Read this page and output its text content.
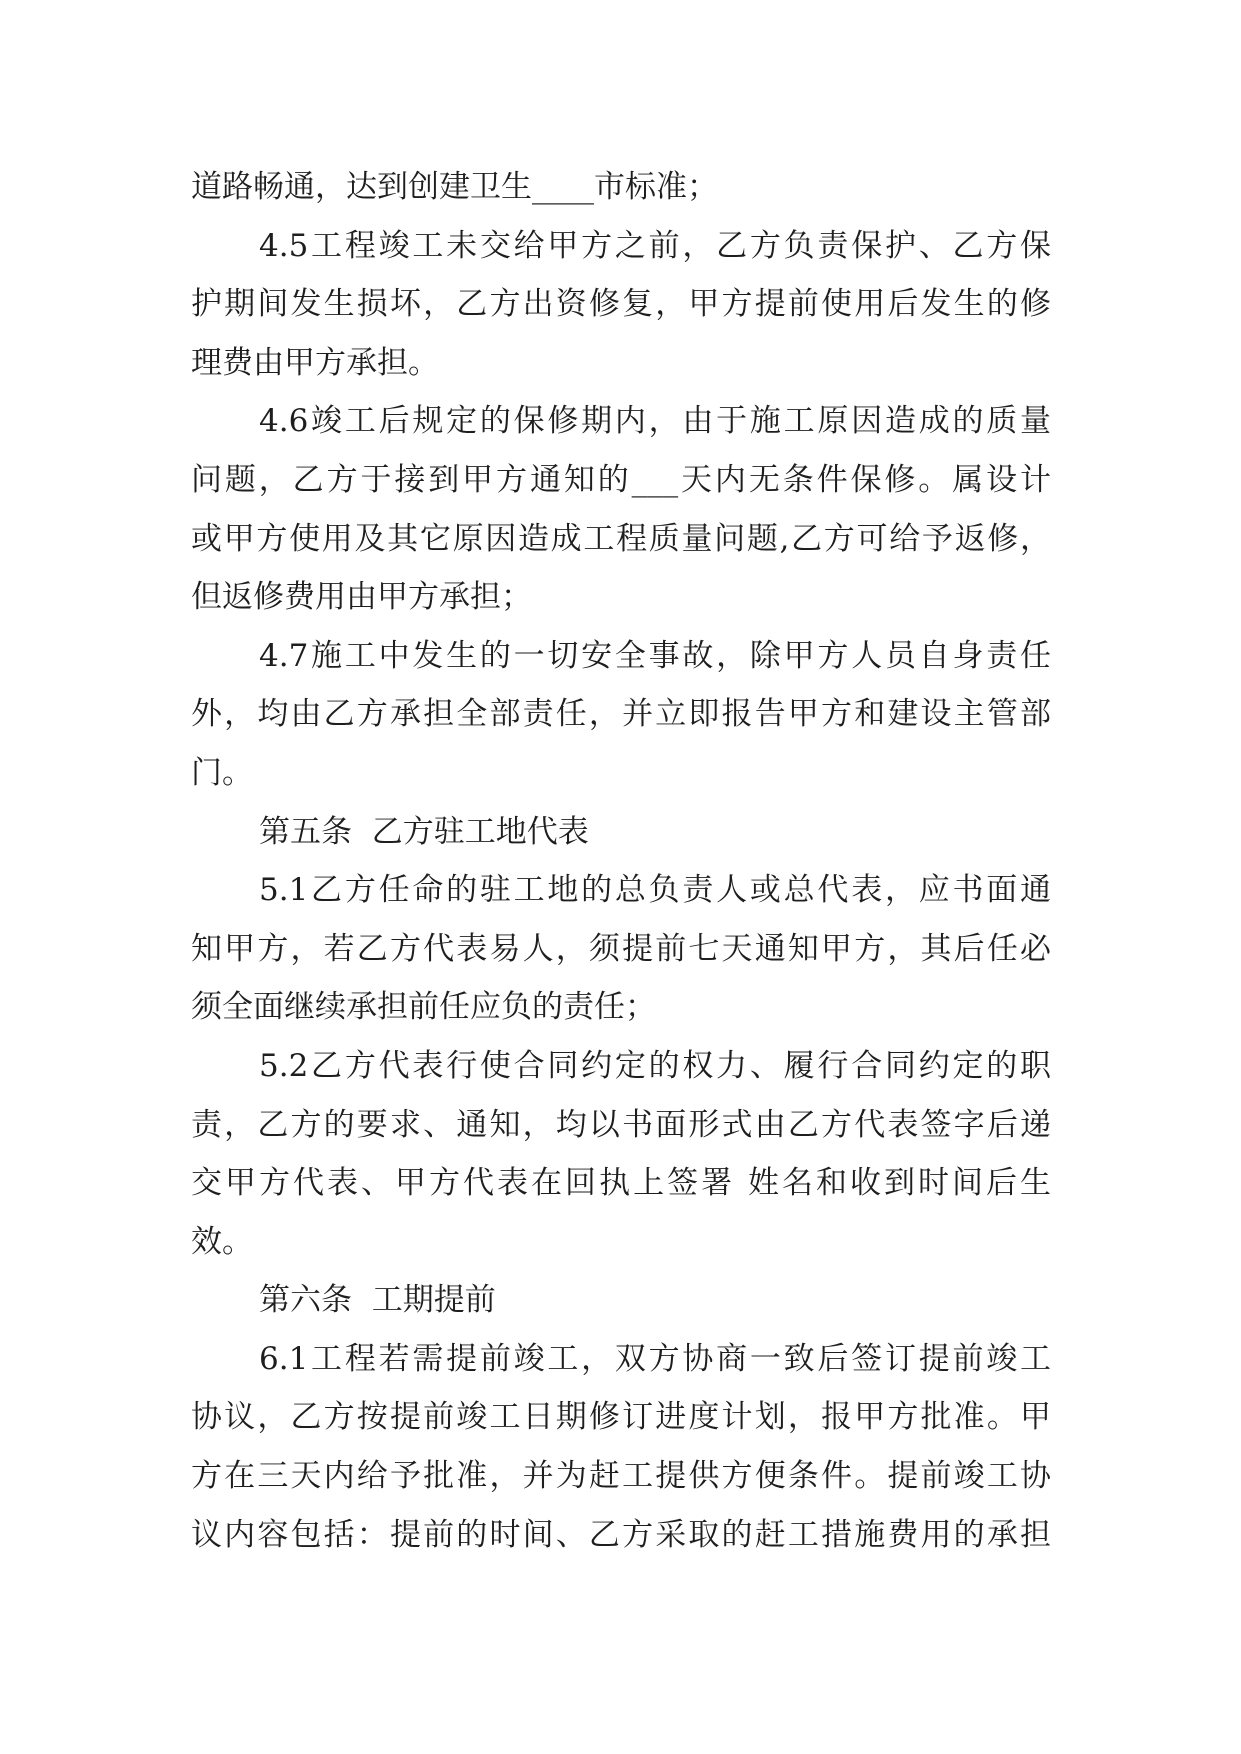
道路畅通，达到创建卫生____市标准；
4.5工程竣工未交给甲方之前，乙方负责保护、乙方保
护期间发生损坏，乙方出资修复，甲方提前使用后发生的修
理费由甲方承担。
4.6竣工后规定的保修期内，由于施工原因造成的质量
问题，乙方于接到甲方通知的___天内无条件保修。属设计
或甲方使用及其它原因造成工程质量问题,乙方可给予返修，
但返修费用由甲方承担；
4.7施工中发生的一切安全事故，除甲方人员自身责任
外，均由乙方承担全部责任，并立即报告甲方和建设主管部
门。
第五条  乙方驻工地代表
5.1乙方任命的驻工地的总负责人或总代表，应书面通
知甲方，若乙方代表易人，须提前七天通知甲方，其后任必
须全面继续承担前任应负的责任；
5.2乙方代表行使合同约定的权力、履行合同约定的职
责，乙方的要求、通知，均以书面形式由乙方代表签字后递
交甲方代表、甲方代表在回执上签署 姓名和收到时间后生
效。
第六条  工期提前
6.1工程若需提前竣工，双方协商一致后签订提前竣工
协议，乙方按提前竣工日期修订进度计划，报甲方批准。甲
方在三天内给予批准，并为赶工提供方便条件。提前竣工协
议内容包括：提前的时间、乙方采取的赶工措施费用的承担
